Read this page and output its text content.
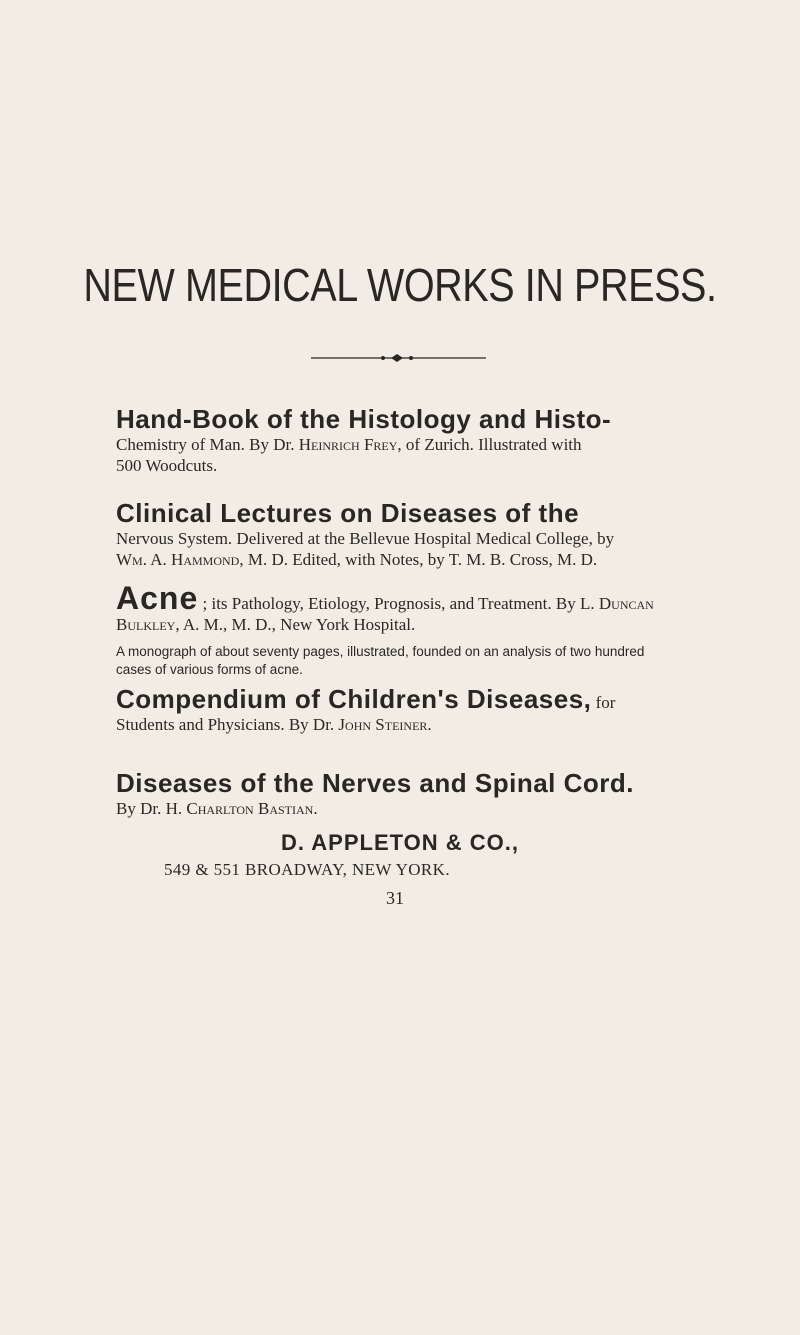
NEW MEDICAL WORKS IN PRESS.
Hand-Book of the Histology and Histo-
Chemistry of Man. By Dr. Heinrich Frey, of Zurich. Illustrated with
500 Woodcuts.
Clinical Lectures on Diseases of the
Nervous System. Delivered at the Bellevue Hospital Medical College, by
Wm. A. Hammond, M. D. Edited, with Notes, by T. M. B. Cross, M. D.
Acne ; its Pathology, Etiology, Prognosis, and Treatment. By L. Duncan
Bulkley, A. M., M. D., New York Hospital.
A monograph of about seventy pages, illustrated, founded on an analysis of two hundred
cases of various forms of acne.
Compendium of Children's Diseases, for
Students and Physicians. By Dr. John Steiner.
Diseases of the Nerves and Spinal Cord.
By Dr. H. Charlton Bastian.
D. APPLETON & CO.,
549 & 551 BROADWAY, NEW YORK.
31
